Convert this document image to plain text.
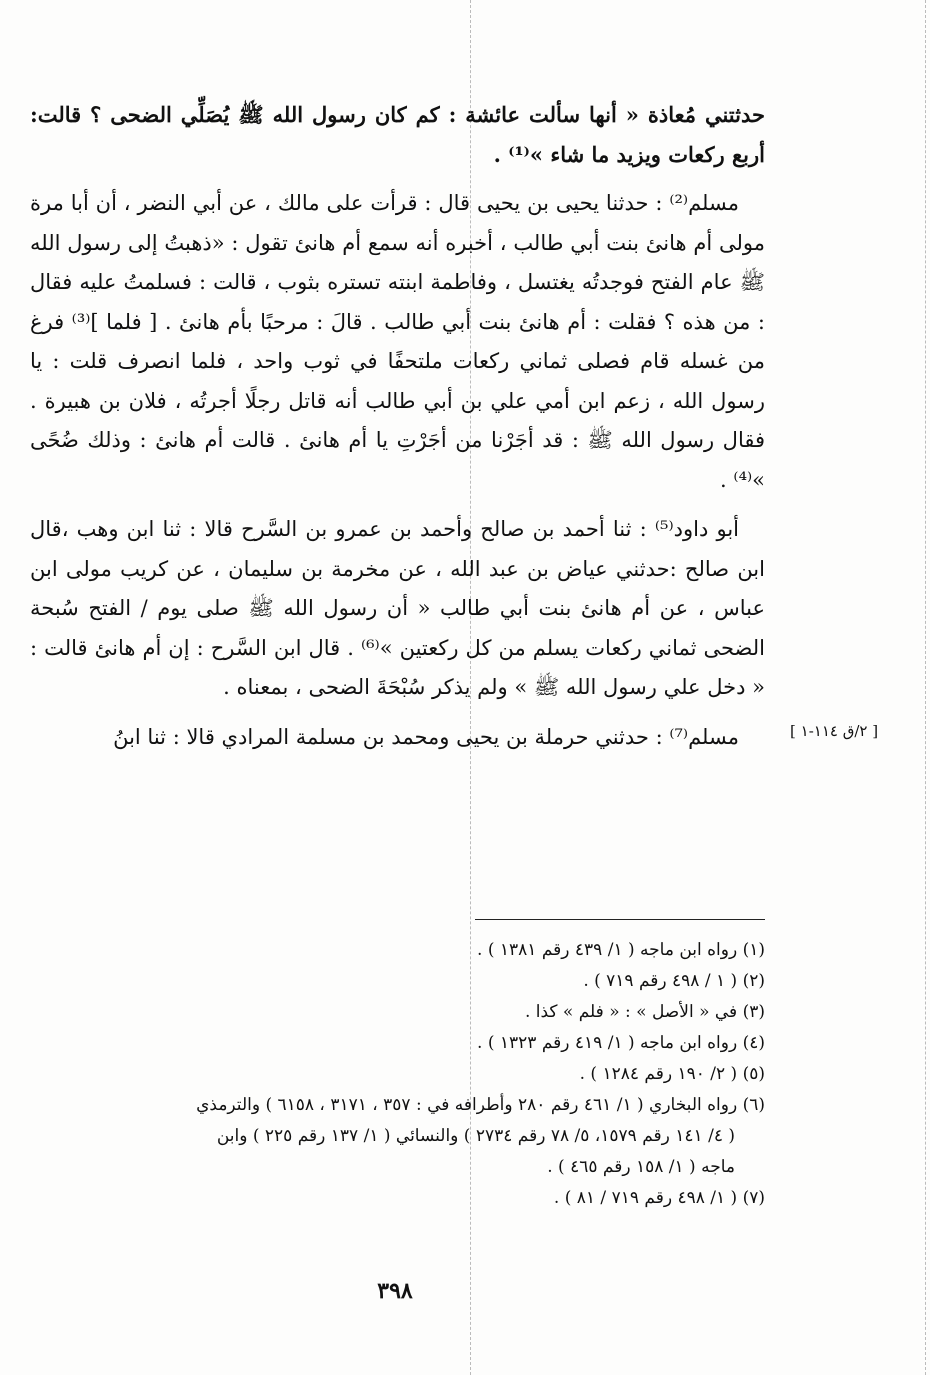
حدثتني مُعاذة « أنها سألت عائشة : كم كان رسول الله ﷺ يُصَلِّي الضحى ؟ قالت: أربع ركعات ويزيد ما شاء »⁽¹⁾ .

مسلم⁽²⁾ : حدثنا يحيى بن يحيى قال : قرأت على مالك ، عن أبي النضر ، أن أبا مرة مولى أم هانئ بنت أبي طالب ، أخبره أنه سمع أم هانئ تقول : «ذهبتُ إلى رسول الله ﷺ عام الفتح فوجدتُه يغتسل ، وفاطمة ابنته تستره بثوب ، قالت : فسلمتُ عليه فقال : من هذه ؟ فقلت : أم هانئ بنت أبي طالب . قالَ : مرحبًا بأم هانئ . [ فلما ]⁽³⁾ فرغ من غسله قام فصلى ثماني ركعات ملتحفًا في ثوب واحد ، فلما انصرف قلت : يا رسول الله ، زعم ابن أمي علي بن أبي طالب أنه قاتل رجلًا أجرتُه ، فلان بن هبيرة . فقال رسول الله ﷺ : قد أجَرْنا من أجَرْتِ يا أم هانئ . قالت أم هانئ : وذلك ضُحًى »⁽⁴⁾ .

أبو داود⁽⁵⁾ : ثنا أحمد بن صالح وأحمد بن عمرو بن السَّرح قالا : ثنا ابن وهب ،قال ابن صالح :حدثني عياض بن عبد الله ، عن مخرمة بن سليمان ، عن كريب مولى ابن عباس ، عن أم هانئ بنت أبي طالب « أن رسول الله ﷺ صلى يوم / الفتح سُبحة الضحى ثماني ركعات يسلم من كل ركعتين »⁽⁶⁾ . قال ابن السَّرح : إن أم هانئ قالت : « دخل علي رسول الله ﷺ » ولم يذكر سُبْحَةَ الضحى ، بمعناه .

مسلم⁽⁷⁾ : حدثني حرملة بن يحيى ومحمد بن مسلمة المرادي قالا : ثنا ابنُ	[ ٢/ق ١١٤-١ ]

(١) رواه ابن ماجه ( ١/ ٤٣٩ رقم ١٣٨١ ) .

(٢) ( ١ / ٤٩٨ رقم ٧١٩ ) .

(٣) في « الأصل » : « فلم » كذا .

(٤) رواه ابن ماجه ( ١/ ٤١٩ رقم ١٣٢٣ ) .

(٥) ( ٢/ ١٩٠ رقم ١٢٨٤ ) .

(٦) رواه البخاري ( ١/ ٤٦١ رقم ٢٨٠ وأطرافه في : ٣٥٧ ، ٣١٧١ ، ٦١٥٨ ) والترمذي

( ٤/ ١٤١ رقم ١٥٧٩، ٥/ ٧٨ رقم ٢٧٣٤ ) والنسائي ( ١/ ١٣٧ رقم ٢٢٥ ) وابن

ماجه ( ١/ ١٥٨ رقم ٤٦٥ ) .

(٧) ( ١/ ٤٩٨ رقم ٧١٩ / ٨١ ) .

٣٩٨
